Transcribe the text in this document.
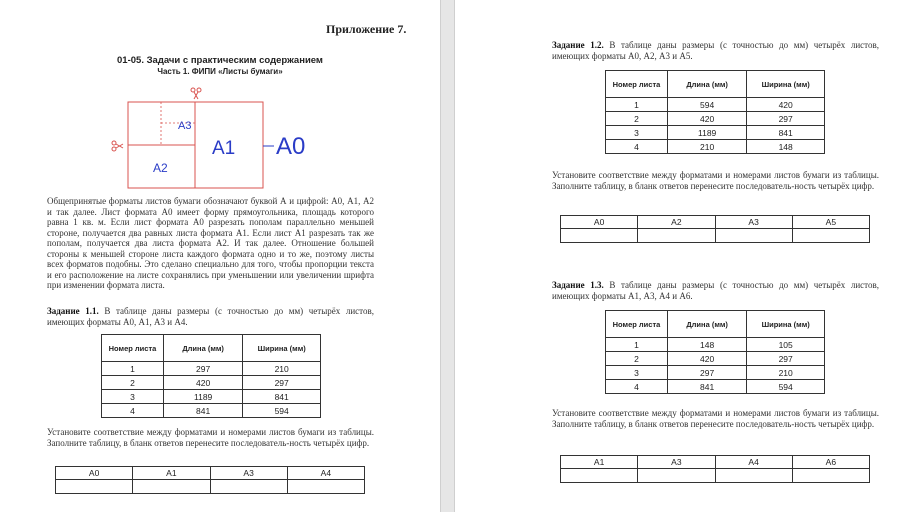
Приложение 7.
01-05. Задачи с практическим содержанием
Часть 1. ФИПИ «Листы бумаги»
A3
A1
A2
A0
Общепринятые форматы листов бумаги обозначают буквой А и цифрой: А0, А1, А2 и так далее. Лист формата А0 имеет форму прямоугольника, площадь которого равна 1 кв. м. Если лист формата А0 разрезать пополам параллельно меньшей стороне, получается два равных листа формата А1. Если лист А1 разрезать так же пополам, получается два листа формата А2. И так далее. Отношение большей стороны к меньшей стороне листа каждого формата одно и то же, поэтому листы всех форматов подобны. Это сделано специально для того, чтобы пропорции текста и его расположение на листе сохранялись при уменьшении или увеличении шрифта при изменении формата листа.
Задание 1.1. В таблице даны размеры (с точностью до мм) четырёх листов, имеющих форматы А0, А1, А3 и А4.
Номер листа	Длина (мм)	Ширина (мм)
1	297	210
2	420	297
3	1189	841
4	841	594
Установите соответствие между форматами и номерами листов бумаги из таблицы. Заполните таблицу, в бланк ответов перенесите последователь-ность четырёх цифр.
А0	А1	А3	А4

Задание 1.2. В таблице даны размеры (с точностью до мм) четырёх листов, имеющих форматы А0, А2, А3 и А5.
Номер листа	Длина (мм)	Ширина (мм)
1	594	420
2	420	297
3	1189	841
4	210	148
Установите соответствие между форматами и номерами листов бумаги из таблицы. Заполните таблицу, в бланк ответов перенесите последователь-ность четырёх цифр.
А0	А2	А3	А5

Задание 1.3. В таблице даны размеры (с точностью до мм) четырёх листов, имеющих форматы А1, А3, А4 и А6.
Номер листа	Длина (мм)	Ширина (мм)
1	148	105
2	420	297
3	297	210
4	841	594
Установите соответствие между форматами и номерами листов бумаги из таблицы. Заполните таблицу, в бланк ответов перенесите последователь-ность четырёх цифр.
А1	А3	А4	А6
